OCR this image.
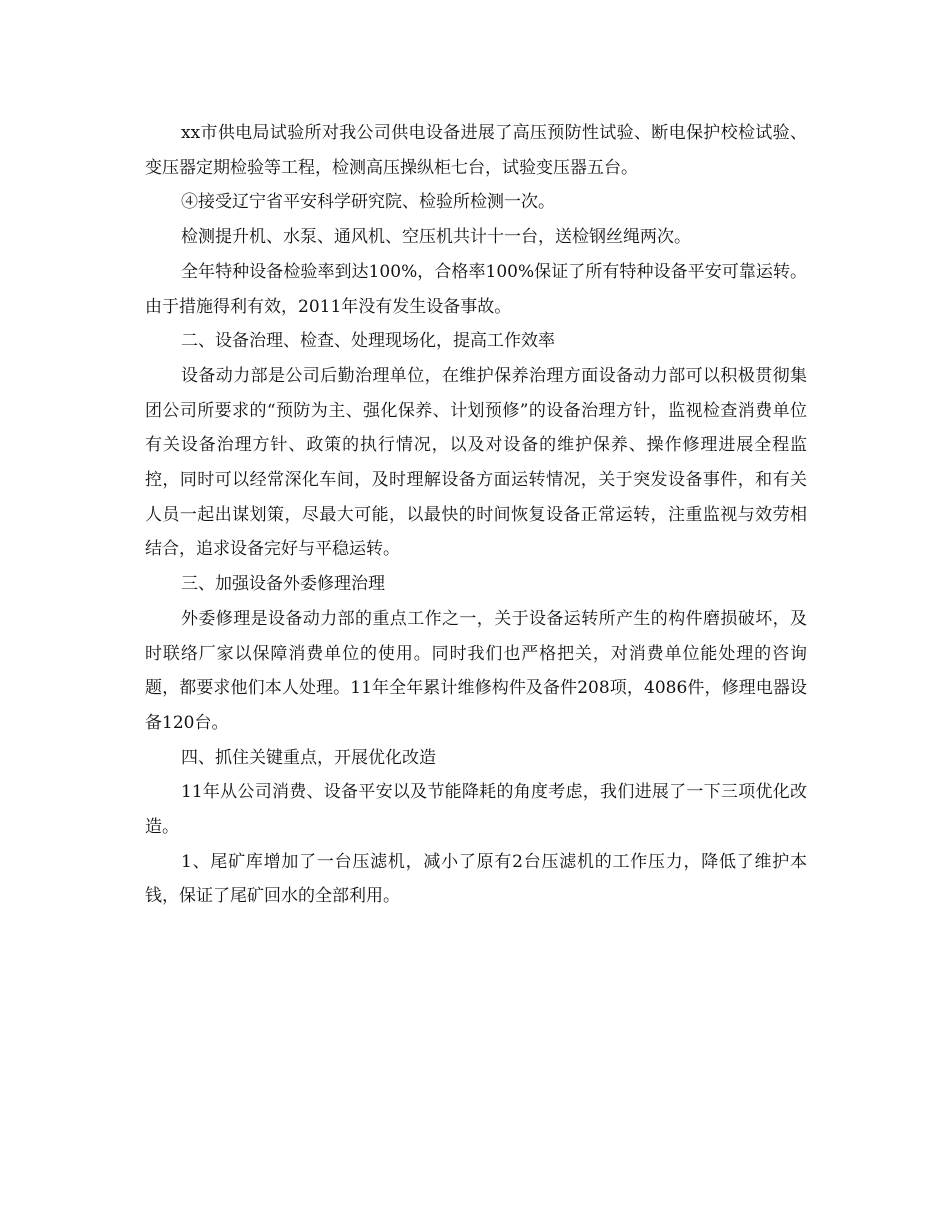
xx市供电局试验所对我公司供电设备进展了高压预防性试验、断电保护校检试验、变压器定期检验等工程，检测高压操纵柜七台，试验变压器五台。

④接受辽宁省平安科学研究院、检验所检测一次。

检测提升机、水泵、通风机、空压机共计十一台，送检钢丝绳两次。

全年特种设备检验率到达100%，合格率100%保证了所有特种设备平安可靠运转。由于措施得利有效，2011年没有发生设备事故。

二、设备治理、检查、处理现场化，提高工作效率

设备动力部是公司后勤治理单位，在维护保养治理方面设备动力部可以积极贯彻集团公司所要求的“预防为主、强化保养、计划预修”的设备治理方针，监视检查消费单位有关设备治理方针、政策的执行情况，以及对设备的维护保养、操作修理进展全程监控，同时可以经常深化车间，及时理解设备方面运转情况，关于突发设备事件，和有关人员一起出谋划策，尽最大可能，以最快的时间恢复设备正常运转，注重监视与效劳相结合，追求设备完好与平稳运转。

三、加强设备外委修理治理

外委修理是设备动力部的重点工作之一，关于设备运转所产生的构件磨损破坏，及时联络厂家以保障消费单位的使用。同时我们也严格把关，对消费单位能处理的咨询题，都要求他们本人处理。11年全年累计维修构件及备件208项，4086件，修理电器设备120台。

四、抓住关键重点，开展优化改造

11年从公司消费、设备平安以及节能降耗的角度考虑，我们进展了一下三项优化改造。

1、尾矿库增加了一台压滤机，减小了原有2台压滤机的工作压力，降低了维护本钱，保证了尾矿回水的全部利用。
